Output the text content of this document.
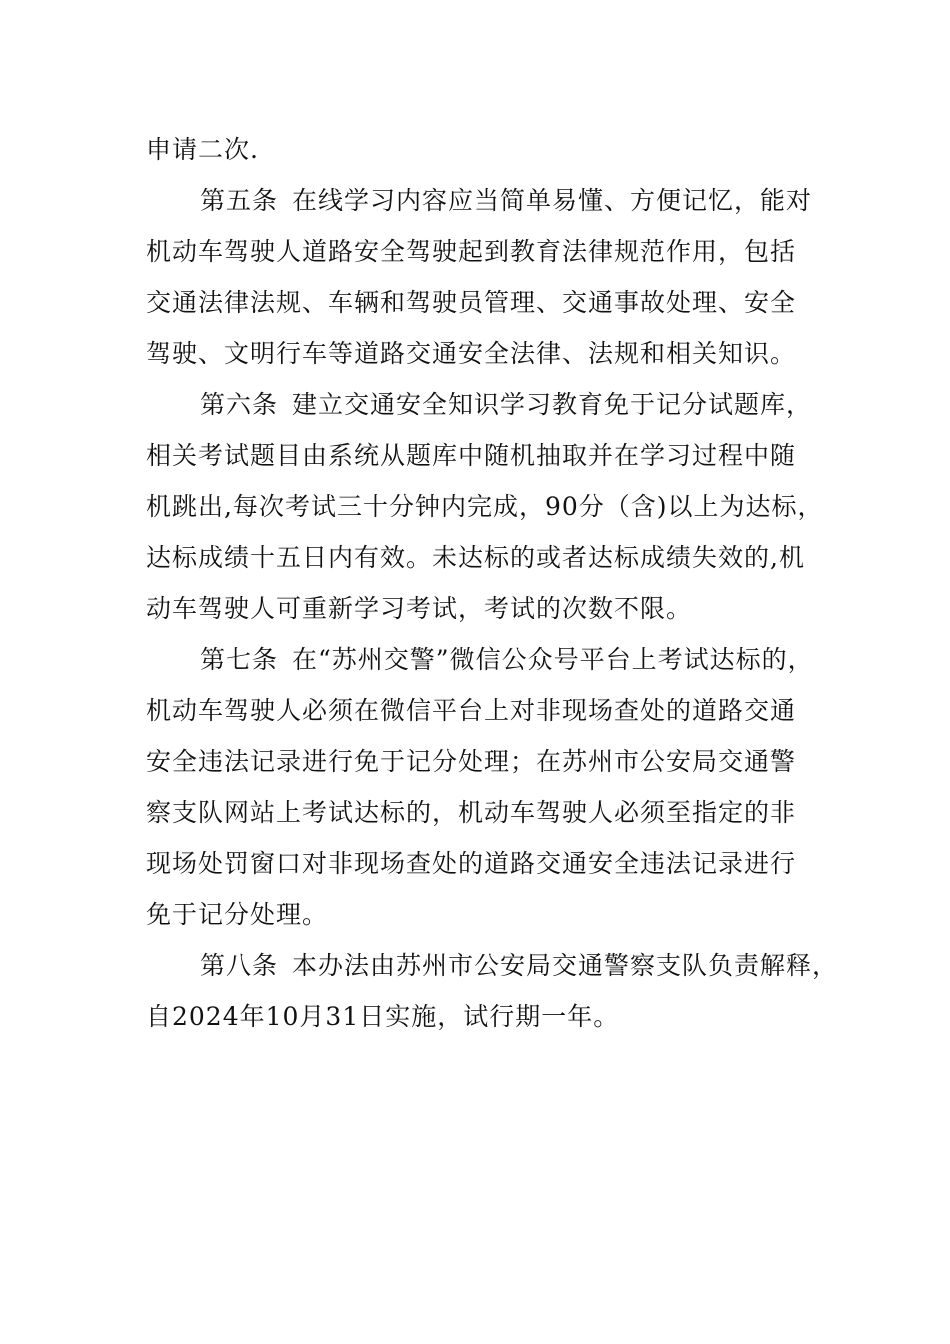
申请二次.

第五条 在线学习内容应当简单易懂、方便记忆，能对
机动车驾驶人道路安全驾驶起到教育法律规范作用，包括
交通法律法规、车辆和驾驶员管理、交通事故处理、安全
驾驶、文明行车等道路交通安全法律、法规和相关知识。

第六条 建立交通安全知识学习教育免于记分试题库，
相关考试题目由系统从题库中随机抽取并在学习过程中随
机跳出,每次考试三十分钟内完成，90分（含)以上为达标，
达标成绩十五日内有效。未达标的或者达标成绩失效的,机
动车驾驶人可重新学习考试，考试的次数不限。

第七条 在“苏州交警”微信公众号平台上考试达标的，
机动车驾驶人必须在微信平台上对非现场查处的道路交通
安全违法记录进行免于记分处理；在苏州市公安局交通警
察支队网站上考试达标的，机动车驾驶人必须至指定的非
现场处罚窗口对非现场查处的道路交通安全违法记录进行
免于记分处理。

第八条 本办法由苏州市公安局交通警察支队负责解释，
自2024年10月31日实施，试行期一年。
